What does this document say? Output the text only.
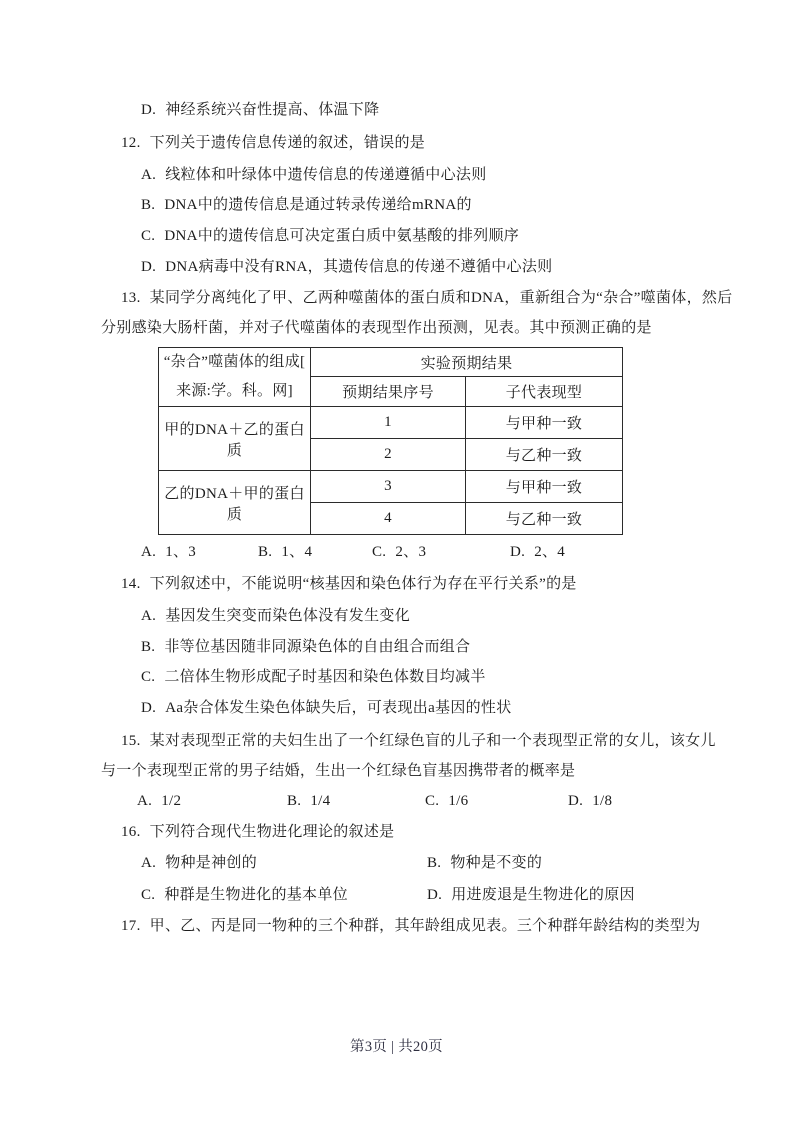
D. 神经系统兴奋性提高、体温下降
12. 下列关于遗传信息传递的叙述，错误的是
A. 线粒体和叶绿体中遗传信息的传递遵循中心法则
B. DNA中的遗传信息是通过转录传递给mRNA的
C. DNA中的遗传信息可决定蛋白质中氨基酸的排列顺序
D. DNA病毒中没有RNA，其遗传信息的传递不遵循中心法则
13. 某同学分离纯化了甲、乙两种噬菌体的蛋白质和DNA，重新组合为“杂合”噬菌体，然后
分别感染大肠杆菌，并对子代噬菌体的表现型作出预测，见表。其中预测正确的是
“杂合”噬菌体的组成[
来源:学。科。网]	实验预期结果	
	预期结果序号	子代表现型
甲的DNA＋乙的蛋白质	1	与甲种一致
	2	与乙种一致
乙的DNA＋甲的蛋白质	3	与甲种一致
	4	与乙种一致
A. 1、3	B. 1、4	C. 2、3	D. 2、4
14. 下列叙述中，不能说明“核基因和染色体行为存在平行关系”的是
A. 基因发生突变而染色体没有发生变化
B. 非等位基因随非同源染色体的自由组合而组合
C. 二倍体生物形成配子时基因和染色体数目均减半
D. Aa杂合体发生染色体缺失后，可表现出a基因的性状
15. 某对表现型正常的夫妇生出了一个红绿色盲的儿子和一个表现型正常的女儿，该女儿
与一个表现型正常的男子结婚，生出一个红绿色盲基因携带者的概率是
A. 1/2	B. 1/4	C. 1/6	D. 1/8
16. 下列符合现代生物进化理论的叙述是
A. 物种是神创的	B. 物种是不变的
C. 种群是生物进化的基本单位	D. 用进废退是生物进化的原因
17. 甲、乙、丙是同一物种的三个种群，其年龄组成见表。三个种群年龄结构的类型为
第3页 | 共20页
